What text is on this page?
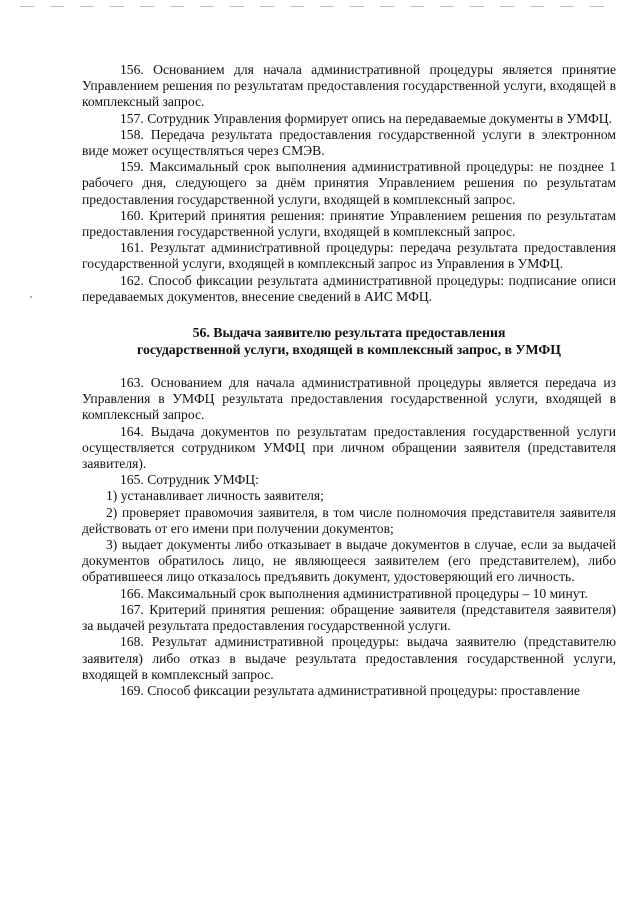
156. Основанием для начала административной процедуры является принятие Управлением решения по результатам предоставления государственной услуги, входящей в комплексный запрос.

157. Сотрудник Управления формирует опись на передаваемые документы в УМФЦ.

158. Передача результата предоставления государственной услуги в электронном виде может осуществляться через СМЭВ.

159. Максимальный срок выполнения административной процедуры: не позднее 1 рабочего дня, следующего за днём принятия Управлением решения по результатам предоставления государственной услуги, входящей в комплексный запрос.

160. Критерий принятия решения: принятие Управлением решения по результатам предоставления государственной услуги, входящей в комплексный запрос.

161. Результат административной процедуры: передача результата предоставления государственной услуги, входящей в комплексный запрос из Управления в УМФЦ.

162. Способ фиксации результата административной процедуры: подписание описи передаваемых документов, внесение сведений в АИС МФЦ.

56. Выдача заявителю результата предоставления
государственной услуги, входящей в комплексный запрос, в УМФЦ

163. Основанием для начала административной процедуры является передача из Управления в УМФЦ результата предоставления государственной услуги, входящей в комплексный запрос.

164. Выдача документов по результатам предоставления государственной услуги осуществляется сотрудником УМФЦ при личном обращении заявителя (представителя заявителя).

165. Сотрудник УМФЦ:

1) устанавливает личность заявителя;

2) проверяет правомочия заявителя, в том числе полномочия представителя заявителя действовать от его имени при получении документов;

3) выдает документы либо отказывает в выдаче документов в случае, если за выдачей документов обратилось лицо, не являющееся заявителем (его представителем), либо обратившееся лицо отказалось предъявить документ, удостоверяющий его личность.

166. Максимальный срок выполнения административной процедуры – 10 минут.

167. Критерий принятия решения: обращение заявителя (представителя заявителя) за выдачей результата предоставления государственной услуги.

168. Результат административной процедуры: выдача заявителю (представителю заявителя) либо отказ в выдаче результата предоставления государственной услуги, входящей в комплексный запрос.

169. Способ фиксации результата административной процедуры: проставление
